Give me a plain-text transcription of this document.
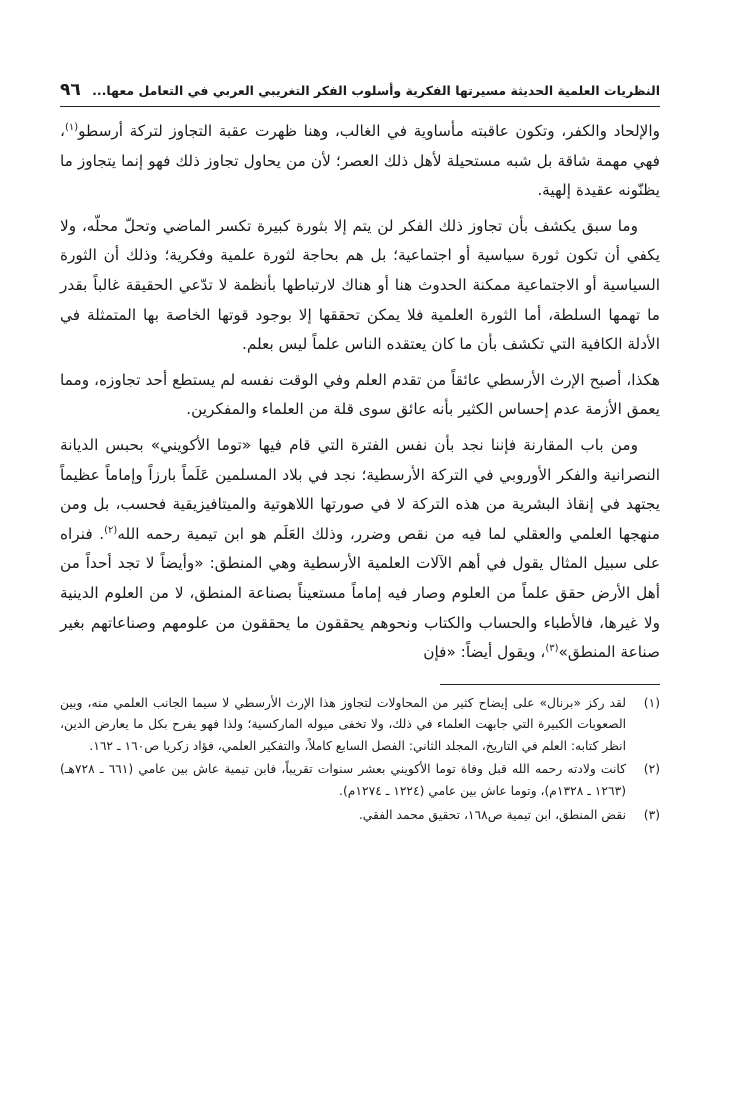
النظريات العلمية الحديثة مسيرتها الفكرية وأسلوب الفكر التغريبي العربي في التعامل معها...
٩٦

والإلحاد والكفر، وتكون عاقبته مأساوية في الغالب، وهنا ظهرت عقبة التجاوز لتركة أرسطو$^{(١)}$، فهي مهمة شاقة بل شبه مستحيلة لأهل ذلك العصر؛ لأن من يحاول تجاوز ذلك فهو إنما يتجاوز ما يظنّونه عقيدة إلهية.

وما سبق يكشف بأن تجاوز ذلك الفكر لن يتم إلا بثورة كبيرة تكسر الماضي وتحلّ محلّه، ولا يكفي أن تكون ثورة سياسية أو اجتماعية؛ بل هم بحاجة لثورة علمية وفكرية؛ وذلك أن الثورة السياسية أو الاجتماعية ممكنة الحدوث هنا أو هناك لارتباطها بأنظمة لا تدّعي الحقيقة غالباً بقدر ما تهمها السلطة، أما الثورة العلمية فلا يمكن تحققها إلا بوجود قوتها الخاصة بها المتمثلة في الأدلة الكافية التي تكشف بأن ما كان يعتقده الناس علماً ليس بعلم.

هكذا، أصبح الإرث الأرسطي عائقاً من تقدم العلم وفي الوقت نفسه لم يستطع أحد تجاوزه، ومما يعمق الأزمة عدم إحساس الكثير بأنه عائق سوى قلة من العلماء والمفكرين.

ومن باب المقارنة فإننا نجد بأن نفس الفترة التي قام فيها «توما الأكويني» بحبس الديانة النصرانية والفكر الأوروبي في التركة الأرسطية؛ نجد في بلاد المسلمين عَلَماً بارزاً وإماماً عظيماً يجتهد في إنقاذ البشرية من هذه التركة لا في صورتها اللاهوتية والميتافيزيقية فحسب، بل ومن منهجها العلمي والعقلي لما فيه من نقص وضرر، وذلك العَلَم هو ابن تيمية رحمه الله$^{(٢)}$. فنراه على سبيل المثال يقول في أهم الآلات العلمية الأرسطية وهي المنطق: «وأيضاً لا تجد أحداً من أهل الأرض حقق علماً من العلوم وصار فيه إماماً مستعيناً بصناعة المنطق، لا من العلوم الدينية ولا غيرها، فالأطباء والحساب والكتاب ونحوهم يحققون ما يحققون من علومهم وصناعاتهم بغير صناعة المنطق»$^{(٣)}$، ويقول أيضاً: «فإن

(١)
لقد ركز «برنال» على إيضاح كثير من المحاولات لتجاوز هذا الإرث الأرسطي لا سيما الجانب العلمي منه، وبين الصعوبات الكبيرة التي جابهت العلماء في ذلك، ولا تخفى ميوله الماركسية؛ ولذا فهو يفرح بكل ما يعارض الدين، انظر كتابه: العلم في التاريخ، المجلد الثاني: الفصل السابع كاملاً، والتفكير العلمي، فؤاد زكريا ص١٦٠ ـ ١٦٢.
(٢)
كانت ولادته رحمه الله قبل وفاة توما الأكويني بعشر سنوات تقريباً، فابن تيمية عاش بين عامي (٦٦١ ـ ٧٢٨هـ) (١٢٦٣ ـ ١٣٢٨م)، وتوما عاش بين عامي (١٢٢٤ ـ ١٢٧٤م).
(٣)
نقض المنطق، ابن تيمية ص١٦٨، تحقيق محمد الفقي.
